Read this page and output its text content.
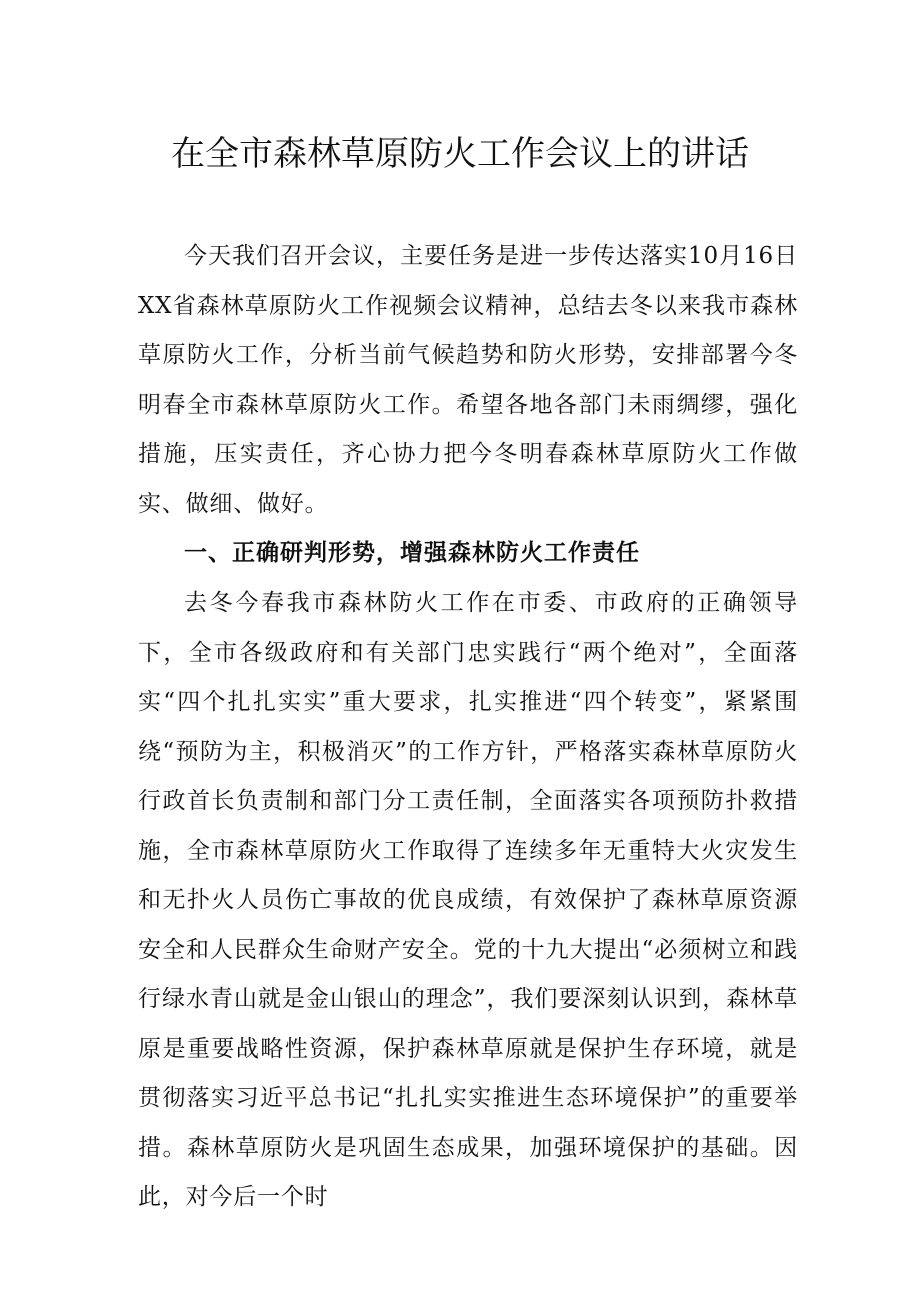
在全市森林草原防火工作会议上的讲话

今天我们召开会议，主要任务是进一步传达落实10月16日XX省森林草原防火工作视频会议精神，总结去冬以来我市森林草原防火工作，分析当前气候趋势和防火形势，安排部署今冬明春全市森林草原防火工作。希望各地各部门未雨绸缪，强化措施，压实责任，齐心协力把今冬明春森林草原防火工作做实、做细、做好。

一、正确研判形势，增强森林防火工作责任

去冬今春我市森林防火工作在市委、市政府的正确领导下，全市各级政府和有关部门忠实践行“两个绝对”，全面落实“四个扎扎实实”重大要求，扎实推进“四个转变”，紧紧围绕“预防为主，积极消灭”的工作方针，严格落实森林草原防火行政首长负责制和部门分工责任制，全面落实各项预防扑救措施，全市森林草原防火工作取得了连续多年无重特大火灾发生和无扑火人员伤亡事故的优良成绩，有效保护了森林草原资源安全和人民群众生命财产安全。党的十九大提出“必须树立和践行绿水青山就是金山银山的理念”，我们要深刻认识到，森林草原是重要战略性资源，保护森林草原就是保护生存环境，就是贯彻落实习近平总书记“扎扎实实推进生态环境保护”的重要举措。森林草原防火是巩固生态成果，加强环境保护的基础。因此，对今后一个时
